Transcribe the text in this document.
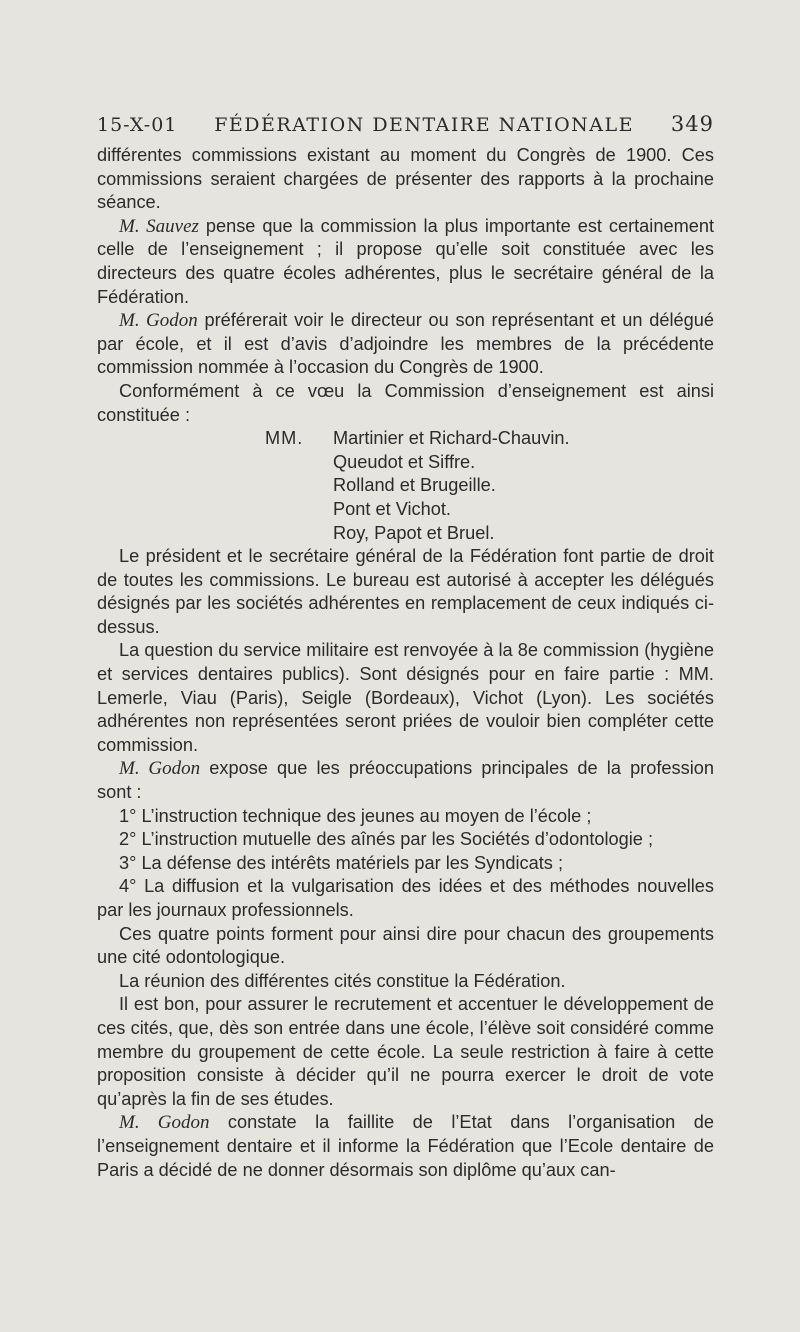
15-X-01 FÉDÉRATION DENTAIRE NATIONALE 349

différentes commissions existant au moment du Congrès de 1900. Ces commissions seraient chargées de présenter des rapports à la prochaine séance.

M. Sauvez pense que la commission la plus importante est certainement celle de l’enseignement ; il propose qu’elle soit constituée avec les directeurs des quatre écoles adhérentes, plus le secrétaire général de la Fédération.

M. Godon préférerait voir le directeur ou son représentant et un délégué par école, et il est d’avis d’adjoindre les membres de la précédente commission nommée à l’occasion du Congrès de 1900.

Conformément à ce vœu la Commission d’enseignement est ainsi constituée :

MM.	Martinier et Richard-Chauvin.
Queudot et Siffre.
Rolland et Brugeille.
Pont et Vichot.
Roy, Papot et Bruel.

Le président et le secrétaire général de la Fédération font partie de droit de toutes les commissions. Le bureau est autorisé à accepter les délégués désignés par les sociétés adhérentes en remplacement de ceux indiqués ci-dessus.

La question du service militaire est renvoyée à la 8e commission (hygiène et services dentaires publics). Sont désignés pour en faire partie : MM. Lemerle, Viau (Paris), Seigle (Bordeaux), Vichot (Lyon). Les sociétés adhérentes non représentées seront priées de vouloir bien compléter cette commission.

M. Godon expose que les préoccupations principales de la profession sont :

1° L’instruction technique des jeunes au moyen de l’école ;
2° L’instruction mutuelle des aînés par les Sociétés d’odontologie ;
3° La défense des intérêts matériels par les Syndicats ;
4° La diffusion et la vulgarisation des idées et des méthodes nouvelles par les journaux professionnels.

Ces quatre points forment pour ainsi dire pour chacun des groupements une cité odontologique.

La réunion des différentes cités constitue la Fédération.

Il est bon, pour assurer le recrutement et accentuer le développement de ces cités, que, dès son entrée dans une école, l’élève soit considéré comme membre du groupement de cette école. La seule restriction à faire à cette proposition consiste à décider qu’il ne pourra exercer le droit de vote qu’après la fin de ses études.

M. Godon constate la faillite de l’Etat dans l’organisation de l’enseignement dentaire et il informe la Fédération que l’Ecole dentaire de Paris a décidé de ne donner désormais son diplôme qu’aux can-
